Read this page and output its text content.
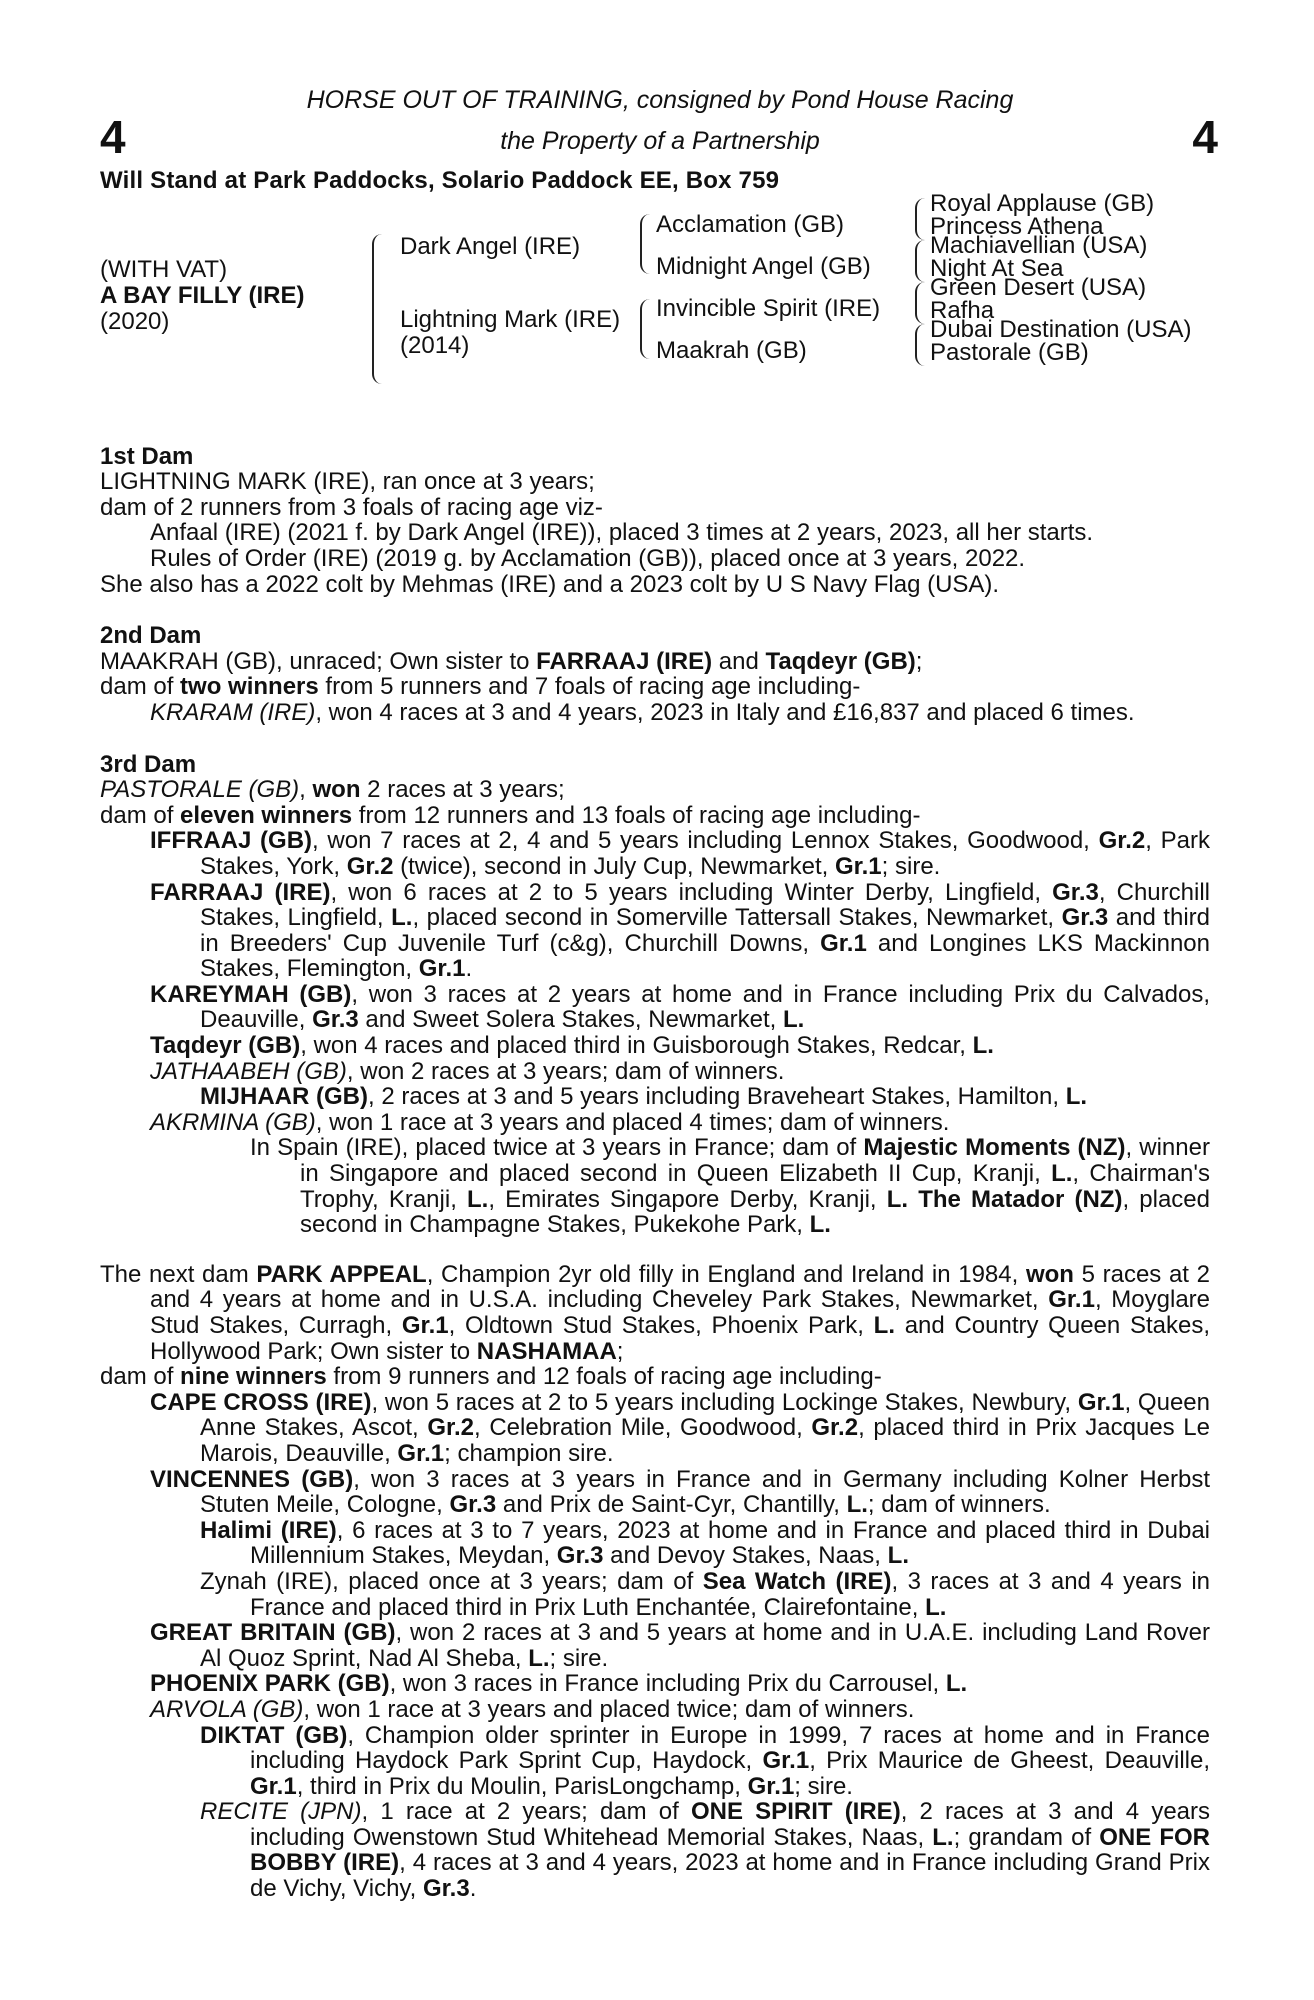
4	4
HORSE OUT OF TRAINING, consigned by Pond House Racing
the Property of a Partnership
Will Stand at Park Paddocks, Solario Paddock EE, Box 759
(WITH VAT)
A BAY FILLY (IRE)
(2020)
Dark Angel (IRE)
Lightning Mark (IRE)
(2014)
Acclamation (GB)
Midnight Angel (GB)
Invincible Spirit (IRE)
Maakrah (GB)
Royal Applause (GB)
Princess Athena
Machiavellian (USA)
Night At Sea
Green Desert (USA)
Rafha
Dubai Destination (USA)
Pastorale (GB)
1st Dam

LIGHTNING MARK (IRE), ran once at 3 years;

dam of 2 runners from 3 foals of racing age viz-

Anfaal (IRE) (2021 f. by Dark Angel (IRE)), placed 3 times at 2 years, 2023, all her starts.

Rules of Order (IRE) (2019 g. by Acclamation (GB)), placed once at 3 years, 2022.

She also has a 2022 colt by Mehmas (IRE) and a 2023 colt by U S Navy Flag (USA).

2nd Dam

MAAKRAH (GB), unraced; Own sister to FARRAAJ (IRE) and Taqdeyr (GB);

dam of two winners from 5 runners and 7 foals of racing age including-

KRARAM (IRE), won 4 races at 3 and 4 years, 2023 in Italy and £16,837 and placed 6 times.

3rd Dam

PASTORALE (GB), won 2 races at 3 years;

dam of eleven winners from 12 runners and 13 foals of racing age including-

IFFRAAJ (GB), won 7 races at 2, 4 and 5 years including Lennox Stakes, Goodwood, Gr.2, Park Stakes, York, Gr.2 (twice), second in July Cup, Newmarket, Gr.1; sire.

FARRAAJ (IRE), won 6 races at 2 to 5 years including Winter Derby, Lingfield, Gr.3, Churchill Stakes, Lingfield, L., placed second in Somerville Tattersall Stakes, Newmarket, Gr.3 and third in Breeders' Cup Juvenile Turf (c&g), Churchill Downs, Gr.1 and Longines LKS Mackinnon Stakes, Flemington, Gr.1.

KAREYMAH (GB), won 3 races at 2 years at home and in France including Prix du Calvados, Deauville, Gr.3 and Sweet Solera Stakes, Newmarket, L.

Taqdeyr (GB), won 4 races and placed third in Guisborough Stakes, Redcar, L.

JATHAABEH (GB), won 2 races at 3 years; dam of winners.

MIJHAAR (GB), 2 races at 3 and 5 years including Braveheart Stakes, Hamilton, L.

AKRMINA (GB), won 1 race at 3 years and placed 4 times; dam of winners.

In Spain (IRE), placed twice at 3 years in France; dam of Majestic Moments (NZ), winner in Singapore and placed second in Queen Elizabeth II Cup, Kranji, L., Chairman's Trophy, Kranji, L., Emirates Singapore Derby, Kranji, L. The Matador (NZ), placed second in Champagne Stakes, Pukekohe Park, L.

The next dam PARK APPEAL, Champion 2yr old filly in England and Ireland in 1984, won 5 races at 2 and 4 years at home and in U.S.A. including Cheveley Park Stakes, Newmarket, Gr.1, Moyglare Stud Stakes, Curragh, Gr.1, Oldtown Stud Stakes, Phoenix Park, L. and Country Queen Stakes, Hollywood Park; Own sister to NASHAMAA;

dam of nine winners from 9 runners and 12 foals of racing age including-

CAPE CROSS (IRE), won 5 races at 2 to 5 years including Lockinge Stakes, Newbury, Gr.1, Queen Anne Stakes, Ascot, Gr.2, Celebration Mile, Goodwood, Gr.2, placed third in Prix Jacques Le Marois, Deauville, Gr.1; champion sire.

VINCENNES (GB), won 3 races at 3 years in France and in Germany including Kolner Herbst Stuten Meile, Cologne, Gr.3 and Prix de Saint-Cyr, Chantilly, L.; dam of winners.

Halimi (IRE), 6 races at 3 to 7 years, 2023 at home and in France and placed third in Dubai Millennium Stakes, Meydan, Gr.3 and Devoy Stakes, Naas, L.

Zynah (IRE), placed once at 3 years; dam of Sea Watch (IRE), 3 races at 3 and 4 years in France and placed third in Prix Luth Enchantée, Clairefontaine, L.

GREAT BRITAIN (GB), won 2 races at 3 and 5 years at home and in U.A.E. including Land Rover Al Quoz Sprint, Nad Al Sheba, L.; sire.

PHOENIX PARK (GB), won 3 races in France including Prix du Carrousel, L.

ARVOLA (GB), won 1 race at 3 years and placed twice; dam of winners.

DIKTAT (GB), Champion older sprinter in Europe in 1999, 7 races at home and in France including Haydock Park Sprint Cup, Haydock, Gr.1, Prix Maurice de Gheest, Deauville, Gr.1, third in Prix du Moulin, ParisLongchamp, Gr.1; sire.

RECITE (JPN), 1 race at 2 years; dam of ONE SPIRIT (IRE), 2 races at 3 and 4 years including Owenstown Stud Whitehead Memorial Stakes, Naas, L.; grandam of ONE FOR BOBBY (IRE), 4 races at 3 and 4 years, 2023 at home and in France including Grand Prix de Vichy, Vichy, Gr.3.
